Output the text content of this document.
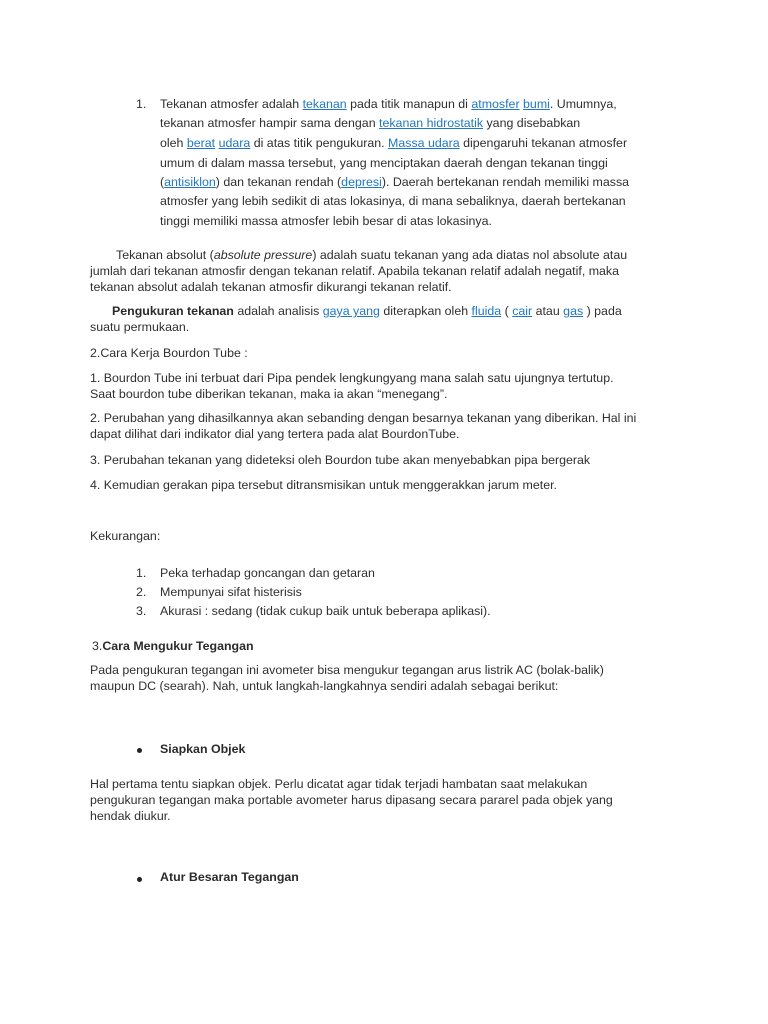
1. Tekanan atmosfer adalah tekanan pada titik manapun di atmosfer bumi. Umumnya,
tekanan atmosfer hampir sama dengan tekanan hidrostatik yang disebabkan
oleh berat udara di atas titik pengukuran. Massa udara dipengaruhi tekanan atmosfer
umum di dalam massa tersebut, yang menciptakan daerah dengan tekanan tinggi
(antisiklon) dan tekanan rendah (depresi). Daerah bertekanan rendah memiliki massa
atmosfer yang lebih sedikit di atas lokasinya, di mana sebaliknya, daerah bertekanan
tinggi memiliki massa atmosfer lebih besar di atas lokasinya.
Tekanan absolut (absolute pressure) adalah suatu tekanan yang ada diatas nol absolute atau
jumlah dari tekanan atmosfir dengan tekanan relatif. Apabila tekanan relatif adalah negatif, maka
tekanan absolut adalah tekanan atmosfir dikurangi tekanan relatif.
Pengukuran tekanan adalah analisis gaya yang diterapkan oleh fluida ( cair atau gas ) pada
suatu permukaan.
2.Cara Kerja Bourdon Tube :
1. Bourdon Tube ini terbuat dari Pipa pendek lengkungyang mana salah satu ujungnya tertutup.
Saat bourdon tube diberikan tekanan, maka ia akan “menegang”.
2. Perubahan yang dihasilkannya akan sebanding dengan besarnya tekanan yang diberikan. Hal ini
dapat dilihat dari indikator dial yang tertera pada alat BourdonTube.
3. Perubahan tekanan yang dideteksi oleh Bourdon tube akan menyebabkan pipa bergerak
4. Kemudian gerakan pipa tersebut ditransmisikan untuk menggerakkan jarum meter.
Kekurangan:
1. Peka terhadap goncangan dan getaran
2. Mempunyai sifat histerisis
3. Akurasi : sedang (tidak cukup baik untuk beberapa aplikasi).
3.Cara Mengukur Tegangan
Pada pengukuran tegangan ini avometer bisa mengukur tegangan arus listrik AC (bolak-balik)
maupun DC (searah). Nah, untuk langkah-langkahnya sendiri adalah sebagai berikut:
Siapkan Objek
Hal pertama tentu siapkan objek. Perlu dicatat agar tidak terjadi hambatan saat melakukan
pengukuran tegangan maka portable avometer harus dipasang secara pararel pada objek yang
hendak diukur.
Atur Besaran Tegangan
